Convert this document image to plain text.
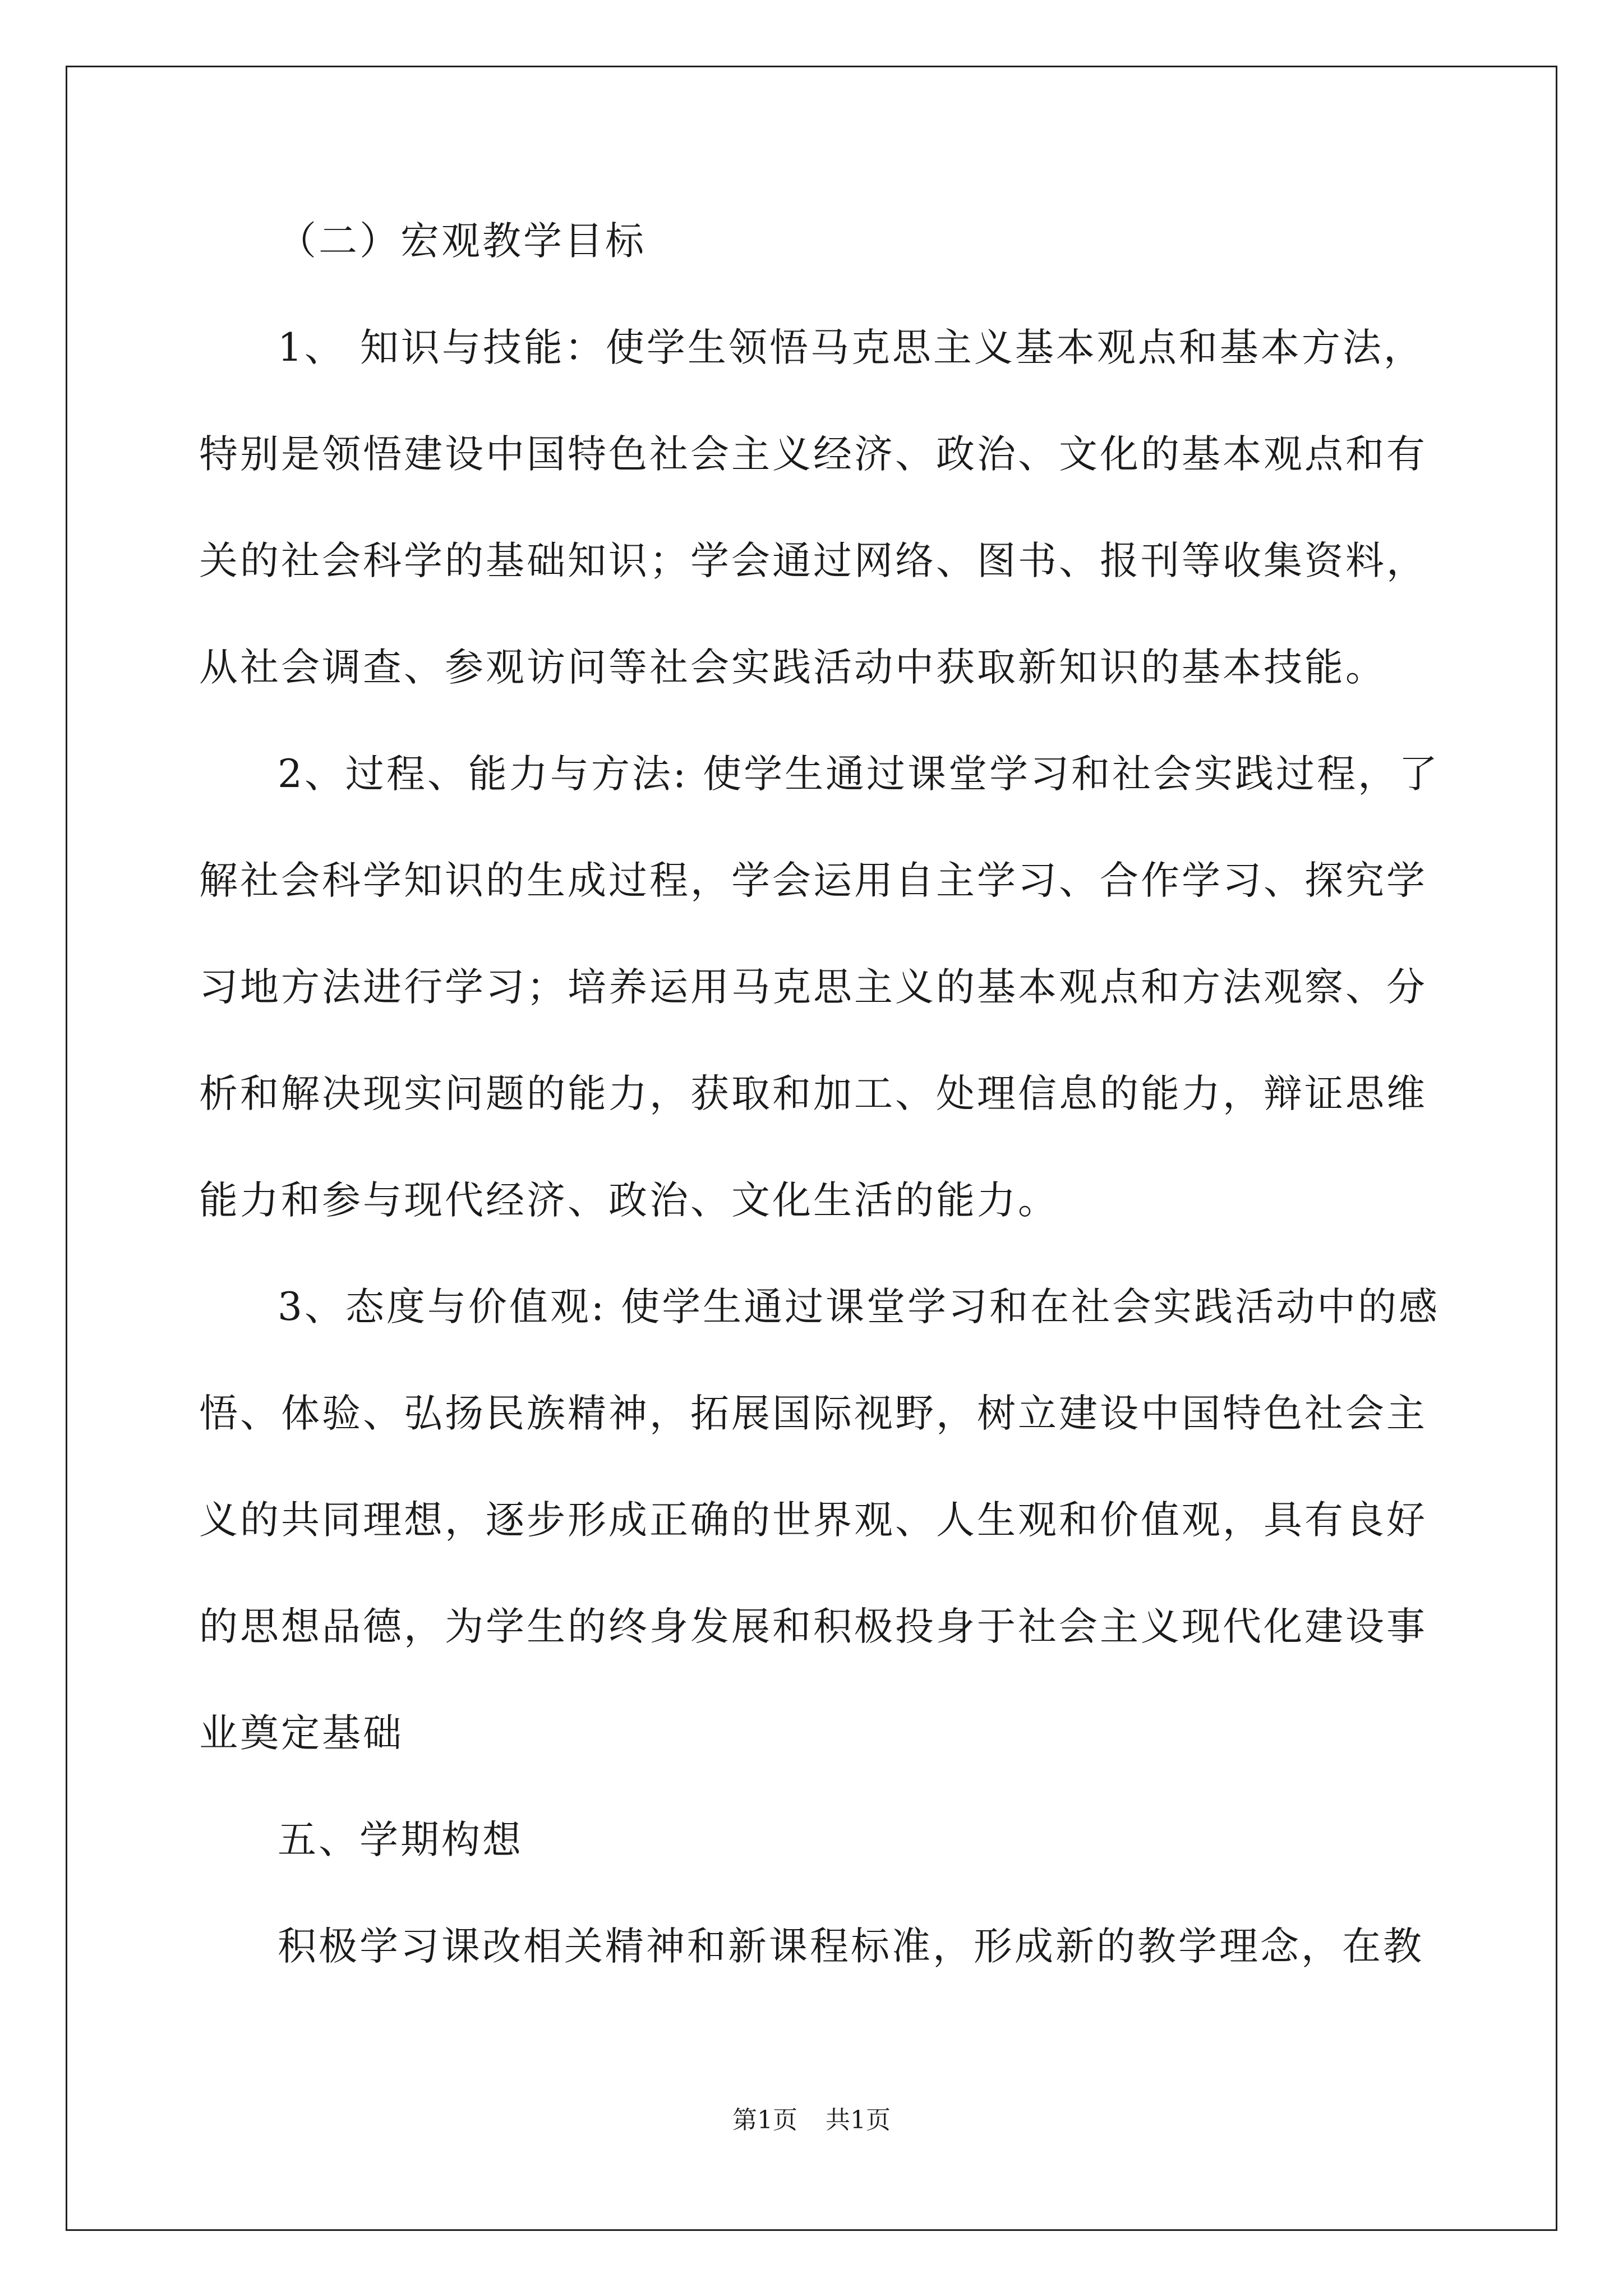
（二）宏观教学目标
1、 知识与技能：使学生领悟马克思主义基本观点和基本方法，
特别是领悟建设中国特色社会主义经济、政治、文化的基本观点和有
关的社会科学的基础知识；学会通过网络、图书、报刊等收集资料，
从社会调查、参观访问等社会实践活动中获取新知识的基本技能。
2、过程、能力与方法: 使学生通过课堂学习和社会实践过程，了
解社会科学知识的生成过程，学会运用自主学习、合作学习、探究学
习地方法进行学习；培养运用马克思主义的基本观点和方法观察、分
析和解决现实问题的能力，获取和加工、处理信息的能力，辩证思维
能力和参与现代经济、政治、文化生活的能力。
3、态度与价值观: 使学生通过课堂学习和在社会实践活动中的感
悟、体验、弘扬民族精神，拓展国际视野，树立建设中国特色社会主
义的共同理想，逐步形成正确的世界观、人生观和价值观，具有良好
的思想品德，为学生的终身发展和积极投身于社会主义现代化建设事
业奠定基础
五、学期构想
积极学习课改相关精神和新课程标准，形成新的教学理念，在教
第1页 共1页
